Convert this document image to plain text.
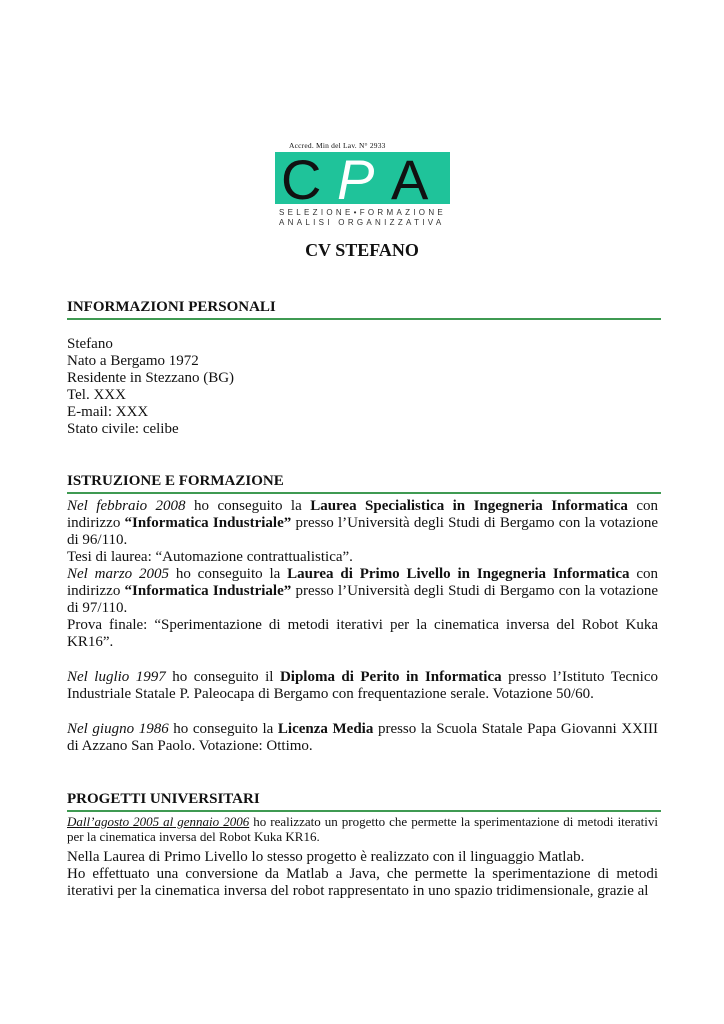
Accred. Min del Lav. N° 2933
C P A
SELEZIONE•FORMAZIONE
ANALISI ORGANIZZATIVA
CV STEFANO
INFORMAZIONI PERSONALI
Stefano
Nato a Bergamo 1972
Residente in Stezzano (BG)
Tel. XXX
E-mail: XXX
Stato civile: celibe
ISTRUZIONE E FORMAZIONE

Nel febbraio 2008 ho conseguito la Laurea Specialistica in Ingegneria Informatica con indirizzo “Informatica Industriale” presso l’Università degli Studi di Bergamo con la votazione di 96/110.

Tesi di laurea: “Automazione contrattualistica”.

Nel marzo 2005 ho conseguito la Laurea di Primo Livello in Ingegneria Informatica con indirizzo “Informatica Industriale” presso l’Università degli Studi di Bergamo con la votazione di 97/110.

Prova finale: “Sperimentazione di metodi iterativi per la cinematica inversa del Robot Kuka KR16”.

Nel luglio 1997 ho conseguito il Diploma di Perito in Informatica presso l’Istituto Tecnico Industriale Statale P. Paleocapa di Bergamo con frequentazione serale. Votazione 50/60.

Nel giugno 1986 ho conseguito la Licenza Media presso la Scuola Statale Papa Giovanni XXIII di Azzano San Paolo. Votazione: Ottimo.

PROGETTI UNIVERSITARI

Dall’agosto 2005 al gennaio 2006 ho realizzato un progetto che permette la sperimentazione di metodi iterativi per la cinematica inversa del Robot Kuka KR16.

Nella Laurea di Primo Livello lo stesso progetto è realizzato con il linguaggio Matlab.

Ho effettuato una conversione da Matlab a Java, che permette la sperimentazione di metodi iterativi per la cinematica inversa del robot rappresentato in uno spazio tridimensionale, grazie al
